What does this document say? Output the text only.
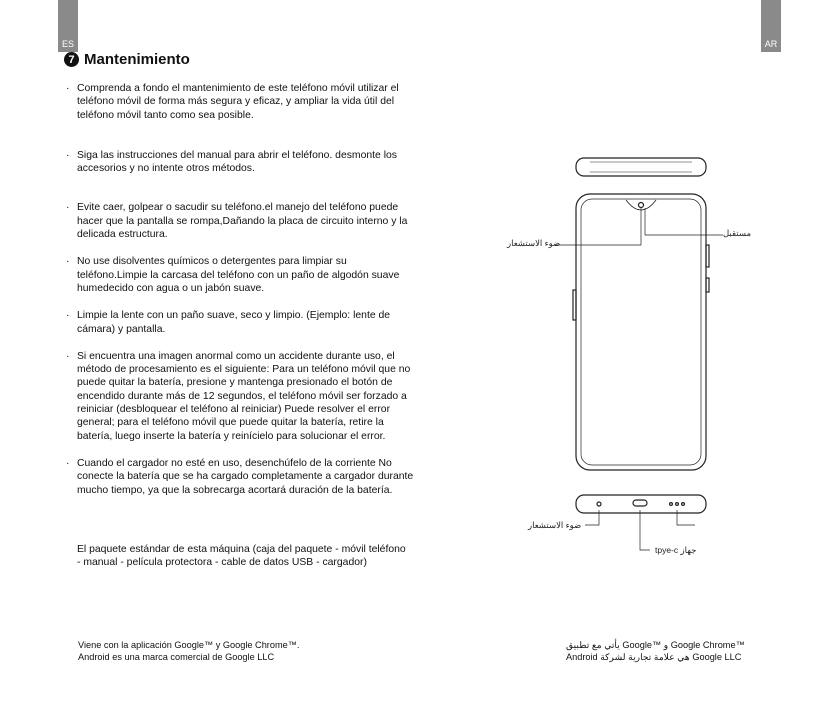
ES	AR
7 Mantenimiento
· Comprenda a fondo el mantenimiento de este teléfono móvil utilizar el teléfono móvil de forma más segura y eficaz, y ampliar la vida útil del teléfono móvil tanto como sea posible.
· Siga las instrucciones del manual para abrir el teléfono. desmonte los accesorios y no intente otros métodos.
· Evite caer, golpear o sacudir su teléfono.el manejo del teléfono puede hacer que la pantalla se rompa,Dañando la placa de circuito interno y la delicada estructura.
· No use disolventes químicos o detergentes para limpiar su teléfono.Limpie la carcasa del teléfono con un paño de algodón suave humedecido con agua o un jabón suave.
· Limpie la lente con un paño suave, seco y limpio. (Ejemplo: lente de cámara) y pantalla.
· Si encuentra una imagen anormal como un accidente durante uso, el método de procesamiento es el siguiente: Para un teléfono móvil que no puede quitar la batería, presione y mantenga presionado el botón de encendido durante más de 12 segundos, el teléfono móvil ser forzado a reiniciar (desbloquear el teléfono al reiniciar) Puede resolver el error general; para el teléfono móvil que puede quitar la batería, retire la batería, luego inserte la batería y reinícielo para solucionar el error.
· Cuando el cargador no esté en uso, desenchúfelo de la corriente No conecte la batería que se ha cargado completamente a cargador durante mucho tiempo, ya que la sobrecarga acortará duración de la batería.
El paquete estándar de esta máquina (caja del paquete - móvil teléfono - manual - película protectora - cable de datos USB - cargador)
Viene con la aplicación Google™ y Google Chrome™.
Android es una marca comercial de Google LLC
يأتي مع تطبيق Google™ و Google Chrome™
Android هي علامة تجارية لشركة Google LLC
مستقبل
ضوء الاستشعار
ضوء الاستشعار
tpye-c جهاز
